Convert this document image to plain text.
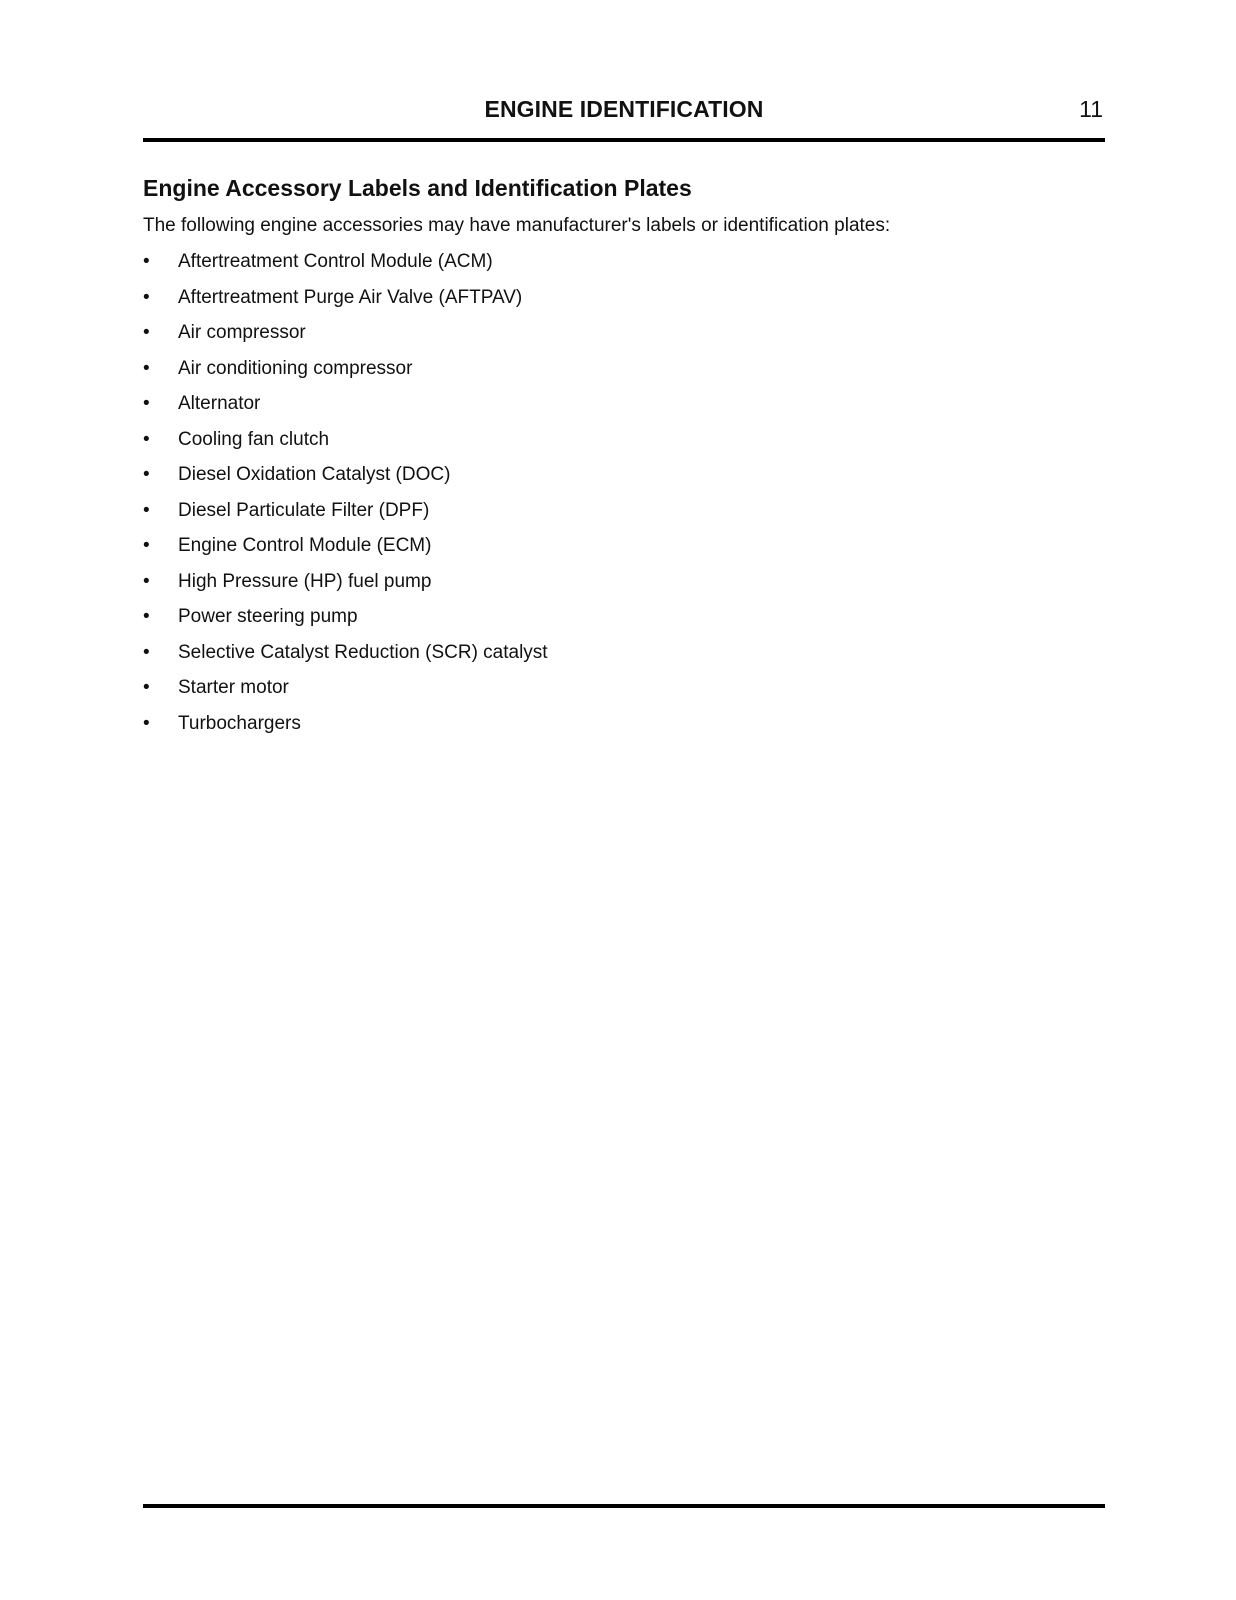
ENGINE IDENTIFICATION	11
Engine Accessory Labels and Identification Plates

The following engine accessories may have manufacturer's labels or identification plates:

• Aftertreatment Control Module (ACM)
• Aftertreatment Purge Air Valve (AFTPAV)
• Air compressor
• Air conditioning compressor
• Alternator
• Cooling fan clutch
• Diesel Oxidation Catalyst (DOC)
• Diesel Particulate Filter (DPF)
• Engine Control Module (ECM)
• High Pressure (HP) fuel pump
• Power steering pump
• Selective Catalyst Reduction (SCR) catalyst
• Starter motor
• Turbochargers
